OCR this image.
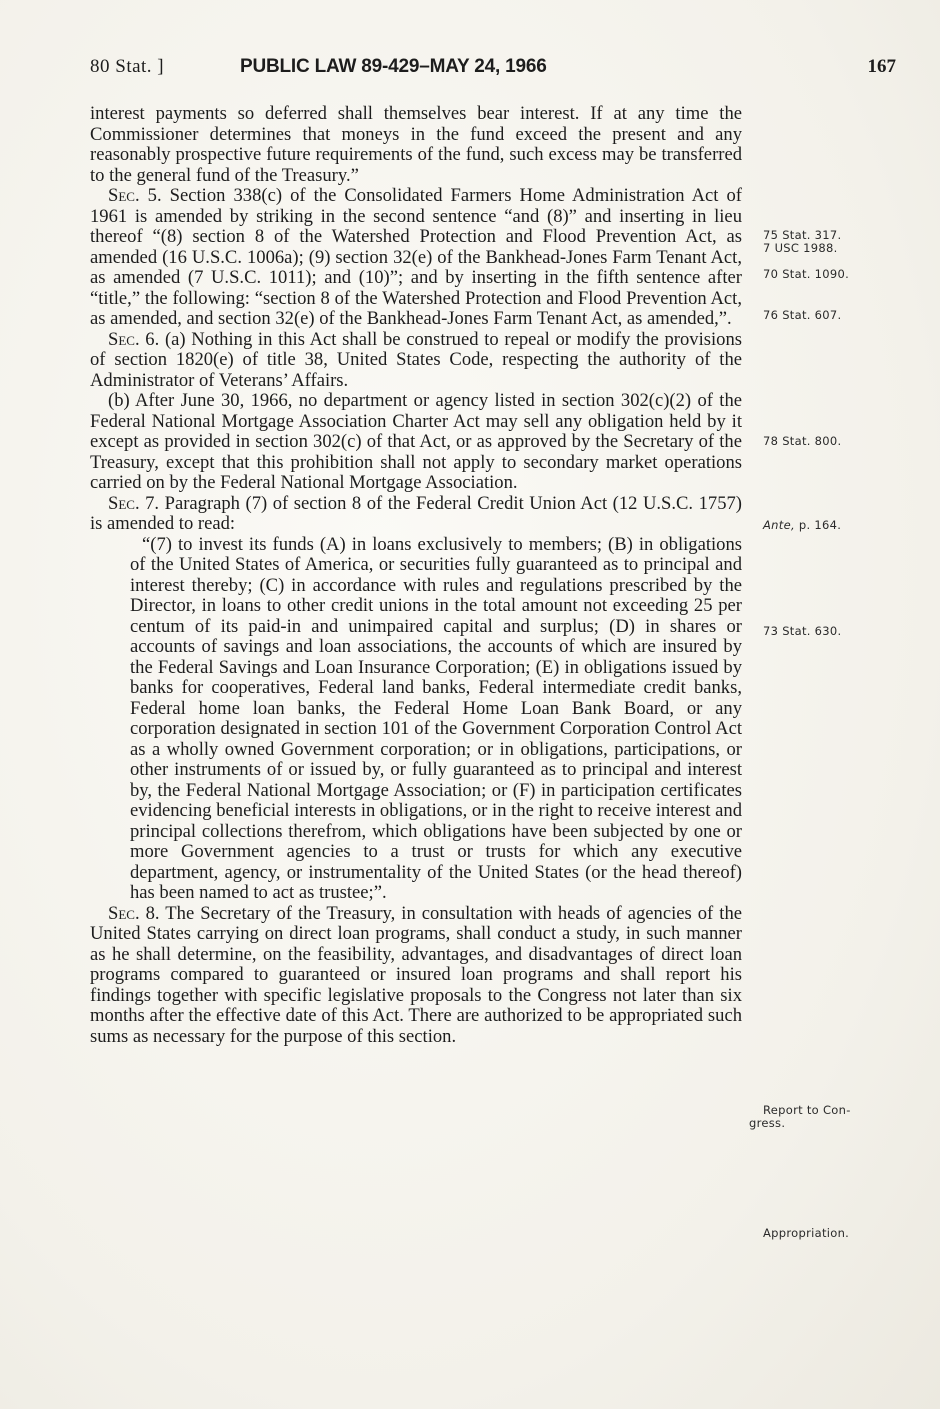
80 Stat. ]	PUBLIC LAW 89-429–MAY 24, 1966	167

interest payments so deferred shall themselves bear interest. If at any time the Commissioner determines that moneys in the fund exceed the present and any reasonably prospective future requirements of the fund, such excess may be transferred to the general fund of the Treasury.”

Sec. 5. Section 338(c) of the Consolidated Farmers Home Administration Act of 1961 is amended by striking in the second sentence “and (8)” and inserting in lieu thereof “(8) section 8 of the Watershed Protection and Flood Prevention Act, as amended (16 U.S.C. 1006a); (9) section 32(e) of the Bankhead-Jones Farm Tenant Act, as amended (7 U.S.C. 1011); and (10)”; and by inserting in the fifth sentence after “title,” the following: “section 8 of the Watershed Protection and Flood Prevention Act, as amended, and section 32(e) of the Bankhead-Jones Farm Tenant Act, as amended,”.

Sec. 6. (a) Nothing in this Act shall be construed to repeal or modify the provisions of section 1820(e) of title 38, United States Code, respecting the authority of the Administrator of Veterans’ Affairs.

(b) After June 30, 1966, no department or agency listed in section 302(c)(2) of the Federal National Mortgage Association Charter Act may sell any obligation held by it except as provided in section 302(c) of that Act, or as approved by the Secretary of the Treasury, except that this prohibition shall not apply to secondary market operations carried on by the Federal National Mortgage Association.

Sec. 7. Paragraph (7) of section 8 of the Federal Credit Union Act (12 U.S.C. 1757) is amended to read:

“(7) to invest its funds (A) in loans exclusively to members; (B) in obligations of the United States of America, or securities fully guaranteed as to principal and interest thereby; (C) in accordance with rules and regulations prescribed by the Director, in loans to other credit unions in the total amount not exceeding 25 per centum of its paid-in and unimpaired capital and surplus; (D) in shares or accounts of savings and loan associations, the accounts of which are insured by the Federal Savings and Loan Insurance Corporation; (E) in obligations issued by banks for cooperatives, Federal land banks, Federal intermediate credit banks, Federal home loan banks, the Federal Home Loan Bank Board, or any corporation designated in section 101 of the Government Corporation Control Act as a wholly owned Government corporation; or in obligations, participations, or other instruments of or issued by, or fully guaranteed as to principal and interest by, the Federal National Mortgage Association; or (F) in participation certificates evidencing beneficial interests in obligations, or in the right to receive interest and principal collections therefrom, which obligations have been subjected by one or more Government agencies to a trust or trusts for which any executive department, agency, or instrumentality of the United States (or the head thereof) has been named to act as trustee;”.

Sec. 8. The Secretary of the Treasury, in consultation with heads of agencies of the United States carrying on direct loan programs, shall conduct a study, in such manner as he shall determine, on the feasibility, advantages, and disadvantages of direct loan programs compared to guaranteed or insured loan programs and shall report his findings together with specific legislative proposals to the Congress not later than six months after the effective date of this Act. There are authorized to be appropriated such sums as necessary for the purpose of this section.

75 Stat. 317.
7 USC 1988.
70 Stat. 1090.
76 Stat. 607.
78 Stat. 800.
Ante, p. 164.
73 Stat. 630.
Report to Con-
gress.
Appropriation.
